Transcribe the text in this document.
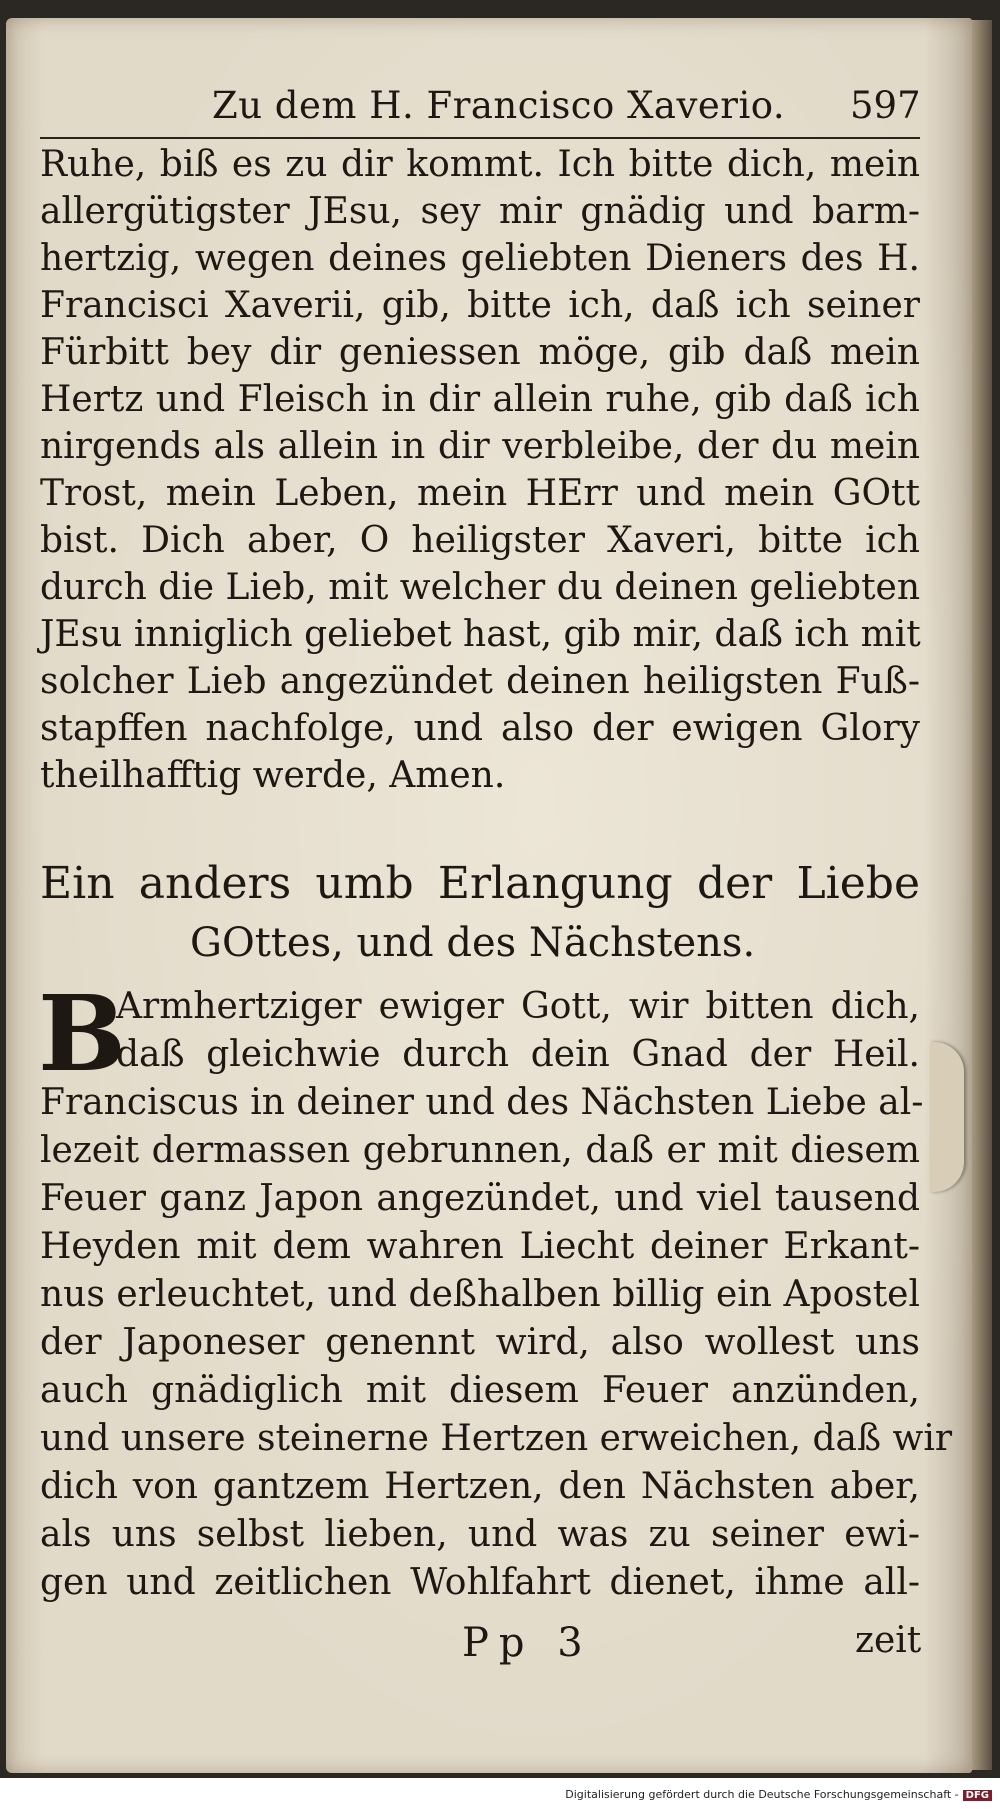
Zu dem H. Francisco Xaverio. 597
Ruhe, biß es zu dir kommt. Ich bitte dich, mein
allergütigster JEsu, sey mir gnädig und barm-
hertzig, wegen deines geliebten Dieners des H.
Francisci Xaverii, gib, bitte ich, daß ich seiner
Fürbitt bey dir geniessen möge, gib daß mein
Hertz und Fleisch in dir allein ruhe, gib daß ich
nirgends als allein in dir verbleibe, der du mein
Trost, mein Leben, mein HErr und mein GOtt
bist. Dich aber, O heiligster Xaveri, bitte ich
durch die Lieb, mit welcher du deinen geliebten
JEsu inniglich geliebet hast, gib mir, daß ich mit
solcher Lieb angezündet deinen heiligsten Fuß-
stapffen nachfolge, und also der ewigen Glory
theilhafftig werde, Amen.
Ein anders umb Erlangung der Liebe
GOttes, und des Nächstens.
B
Armhertziger ewiger Gott, wir bitten dich,
daß gleichwie durch dein Gnad der Heil.
Franciscus in deiner und des Nächsten Liebe al-
lezeit dermassen gebrunnen, daß er mit diesem
Feuer ganz Japon angezündet, und viel tausend
Heyden mit dem wahren Liecht deiner Erkant-
nus erleuchtet, und deßhalben billig ein Apostel
der Japoneser genennt wird, also wollest uns
auch gnädiglich mit diesem Feuer anzünden,
und unsere steinerne Hertzen erweichen, daß wir
dich von gantzem Hertzen, den Nächsten aber,
als uns selbst lieben, und was zu seiner ewi-
gen und zeitlichen Wohlfahrt dienet, ihme all-
Pp 3	zeit
Digitalisierung gefördert durch die Deutsche Forschungsgemeinschaft - DFG
